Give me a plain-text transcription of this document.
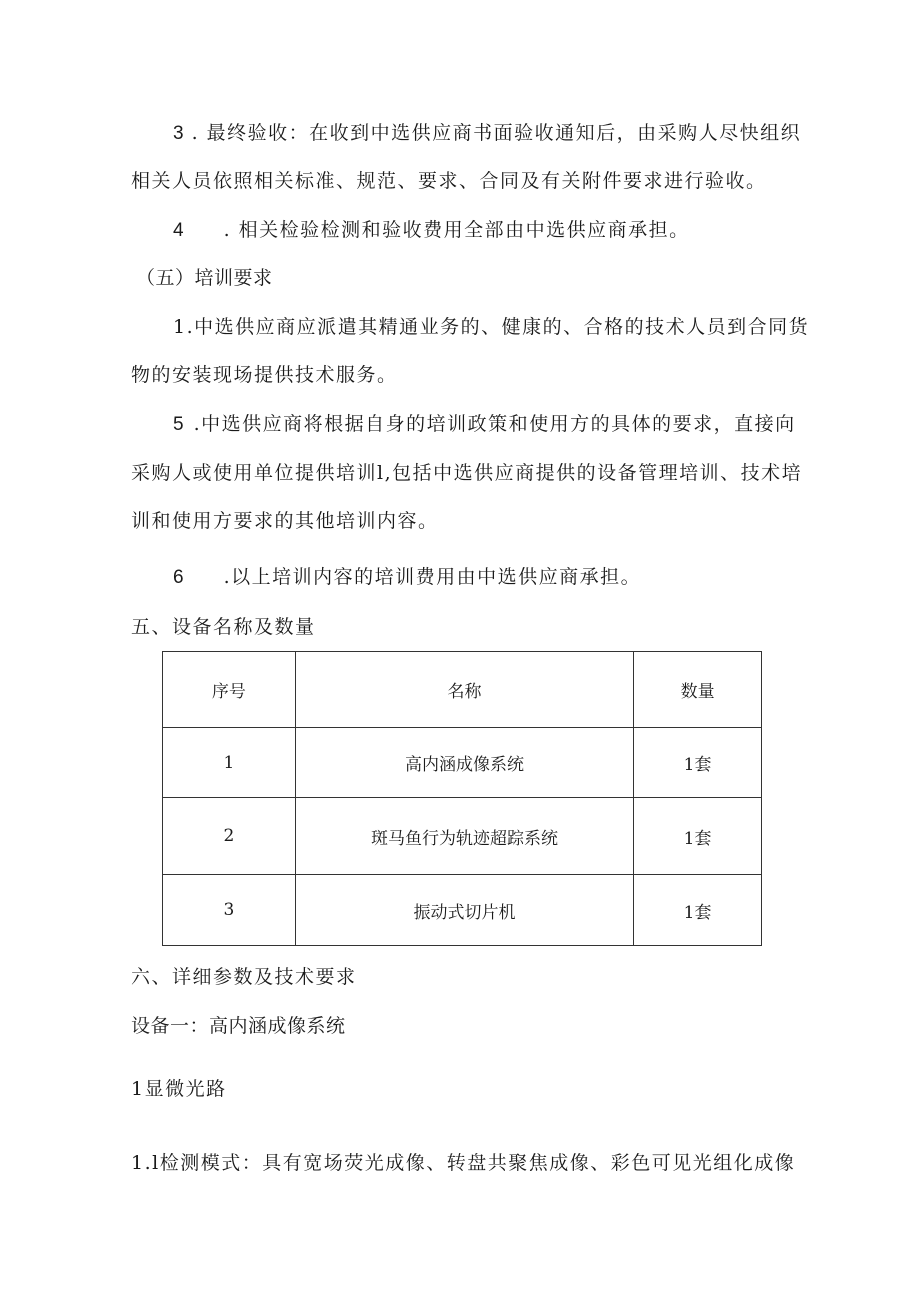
3 . 最终验收：在收到中选供应商书面验收通知后，由采购人尽快组织
相关人员依照相关标准、规范、要求、合同及有关附件要求进行验收。
4 . 相关检验检测和验收费用全部由中选供应商承担。
（五）培训要求
1.中选供应商应派遣其精通业务的、健康的、合格的技术人员到合同货
物的安装现场提供技术服务。
5 .中选供应商将根据自身的培训政策和使用方的具体的要求，直接向
采购人或使用单位提供培训l,包括中选供应商提供的设备管理培训、技术培
训和使用方要求的其他培训内容。
6 .以上培训内容的培训费用由中选供应商承担。
五、设备名称及数量
序号	名称	数量
1	高内涵成像系统	1套
2	斑马鱼行为轨迹超踪系统	1套
3	振动式切片机	1套
六、详细参数及技术要求
设备一：高内涵成像系统
1显微光路
1.l检测模式：具有宽场荧光成像、转盘共聚焦成像、彩色可见光组化成像
